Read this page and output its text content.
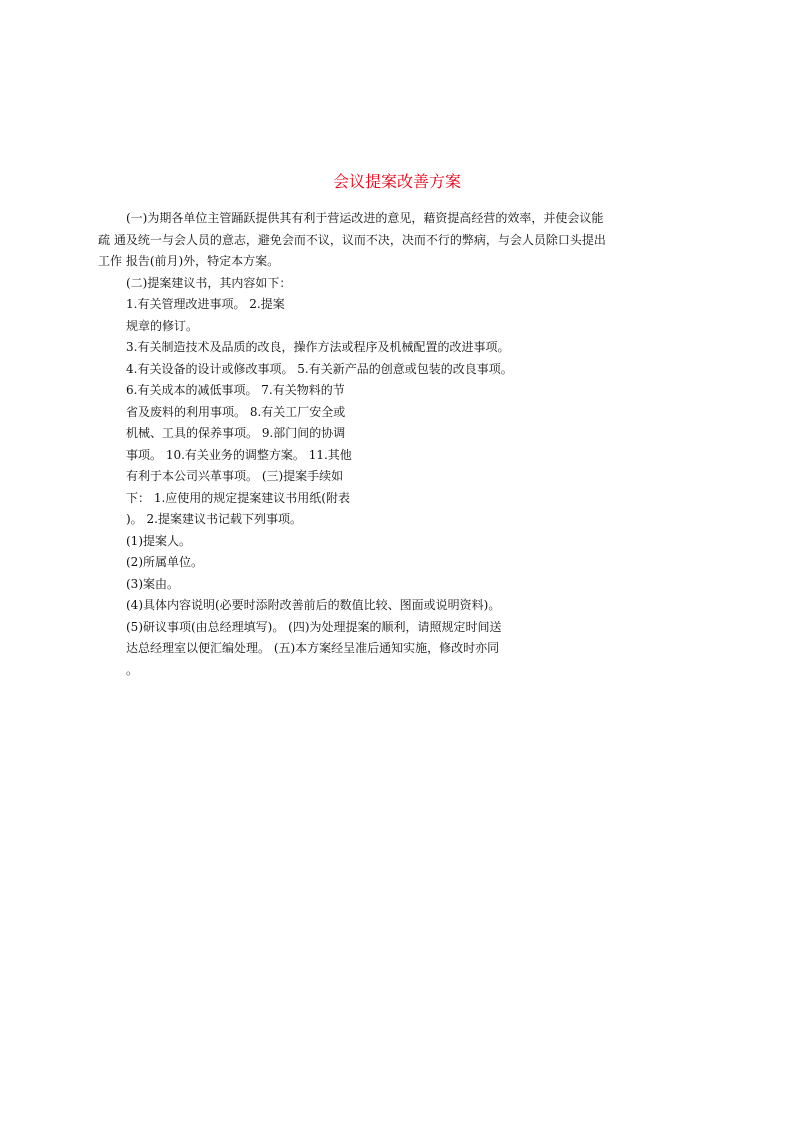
会议提案改善方案

(一)为期各单位主管踊跃提供其有利于营运改进的意见，藉资提高经营的效率，并使会议能

疏 通及统一与会人员的意志，避免会而不议，议而不决，决而不行的弊病，与会人员除口头提出

工作 报告(前月)外，特定本方案。

(二)提案建议书，其内容如下：

1.有关管理改进事项。 2.提案

规章的修订。

3.有关制造技术及品质的改良，操作方法或程序及机械配置的改进事项。

4.有关设备的设计或修改事项。 5.有关新产品的创意或包装的改良事项。

6.有关成本的减低事项。 7.有关物料的节

省及废料的利用事项。 8.有关工厂安全或

机械、工具的保养事项。 9.部门间的协调

事项。 10.有关业务的调整方案。 11.其他

有利于本公司兴革事项。 (三)提案手续如

下： 1.应使用的规定提案建议书用纸(附表

)。 2.提案建议书记载下列事项。

(1)提案人。

(2)所属单位。

(3)案由。

(4)具体内容说明(必要时添附改善前后的数值比较、图面或说明资料)。

(5)研议事项(由总经理填写)。 (四)为处理提案的顺利，请照规定时间送

达总经理室以便汇编处理。 (五)本方案经呈准后通知实施，修改时亦同

。
